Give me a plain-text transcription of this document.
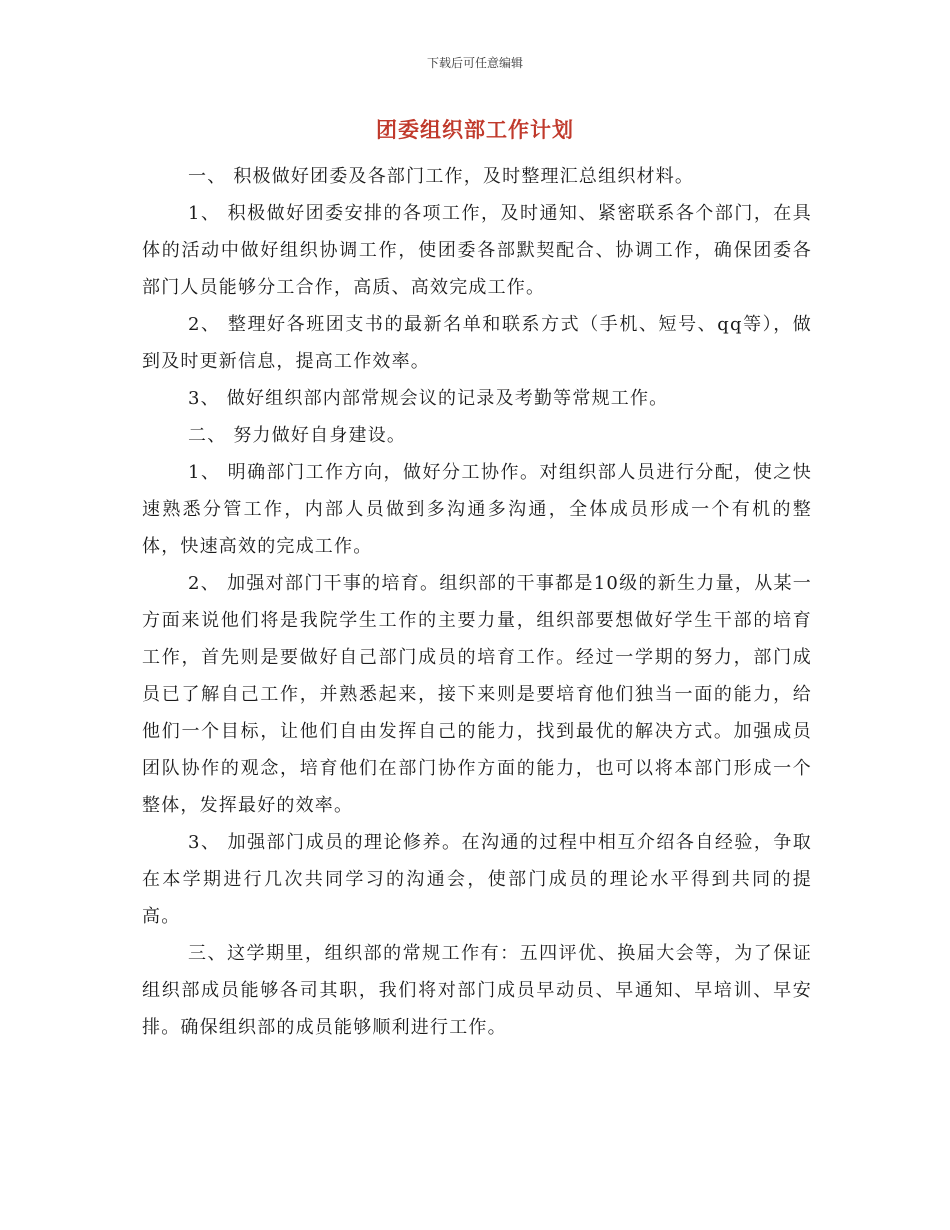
下载后可任意编辑
团委组织部工作计划

一、 积极做好团委及各部门工作，及时整理汇总组织材料。

1、 积极做好团委安排的各项工作，及时通知、紧密联系各个部门，在具体的活动中做好组织协调工作，使团委各部默契配合、协调工作，确保团委各部门人员能够分工合作，高质、高效完成工作。

2、 整理好各班团支书的最新名单和联系方式（手机、短号、qq等），做到及时更新信息，提高工作效率。

3、 做好组织部内部常规会议的记录及考勤等常规工作。

二、 努力做好自身建设。

1、 明确部门工作方向，做好分工协作。对组织部人员进行分配，使之快速熟悉分管工作，内部人员做到多沟通多沟通，全体成员形成一个有机的整体，快速高效的完成工作。

2、 加强对部门干事的培育。组织部的干事都是10级的新生力量，从某一方面来说他们将是我院学生工作的主要力量，组织部要想做好学生干部的培育工作，首先则是要做好自己部门成员的培育工作。经过一学期的努力，部门成员已了解自己工作，并熟悉起来，接下来则是要培育他们独当一面的能力，给他们一个目标，让他们自由发挥自己的能力，找到最优的解决方式。加强成员团队协作的观念，培育他们在部门协作方面的能力，也可以将本部门形成一个整体，发挥最好的效率。

3、 加强部门成员的理论修养。在沟通的过程中相互介绍各自经验，争取在本学期进行几次共同学习的沟通会，使部门成员的理论水平得到共同的提高。

三、这学期里，组织部的常规工作有：五四评优、换届大会等，为了保证组织部成员能够各司其职，我们将对部门成员早动员、早通知、早培训、早安排。确保组织部的成员能够顺利进行工作。
